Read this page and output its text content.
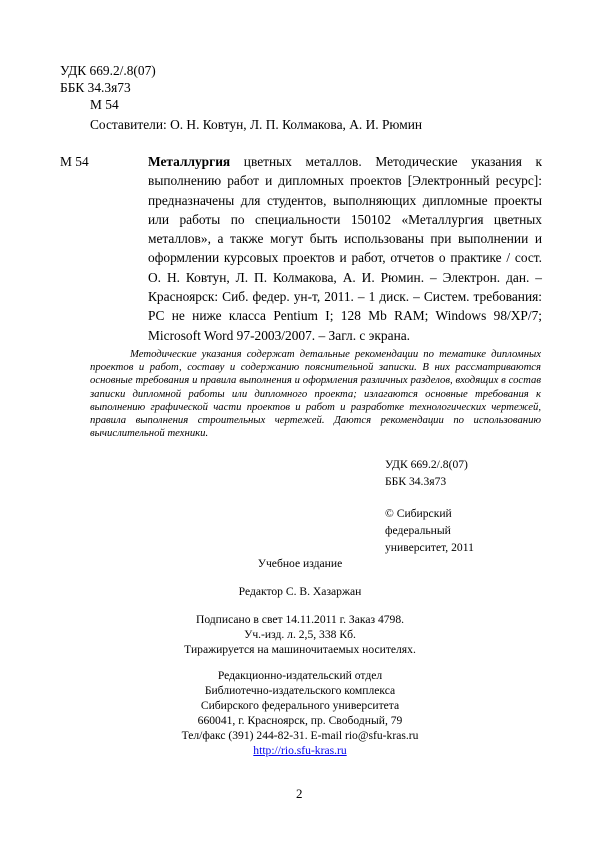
УДК 669.2/.8(07)
ББК 34.3я73
М 54
Составители: О. Н. Ковтун, Л. П. Колмакова, А. И. Рюмин
М 54	Металлургия цветных металлов. Методические указания к выполнению работ и дипломных проектов [Электронный ресурс]: предназначены для студентов, выполняющих дипломные проекты или работы по специальности 150102 «Металлургия цветных металлов», а также могут быть использованы при выполнении и оформлении курсовых проектов и работ, отчетов о практике / сост. О. Н. Ковтун, Л. П. Колмакова, А. И. Рюмин. – Электрон. дан. – Красноярск: Сиб. федер. ун-т, 2011. – 1 диск. – Систем. требования: PC не ниже класса Pentium I; 128 Mb RAM; Windows 98/XP/7; Microsoft Word 97-2003/2007. – Загл. с экрана.
Методические указания содержат детальные рекомендации по тематике дипломных проектов и работ, составу и содержанию пояснительной записки. В них рассматриваются основные требования и правила выполнения и оформления различных разделов, входящих в состав записки дипломной работы или дипломного проекта; излагаются основные требования к выполнению графической части проектов и работ и разработке технологических чертежей, правила выполнения строительных чертежей. Даются рекомендации по использованию вычислительной техники.
УДК 669.2/.8(07)
ББК 34.3я73
© Сибирский
федеральный
университет, 2011
Учебное издание
Редактор С. В. Хазаржан
Подписано в свет 14.11.2011 г. Заказ 4798.
Уч.-изд. л. 2,5, 338 Кб.
Тиражируется на машиночитаемых носителях.
Редакционно-издательский отдел
Библиотечно-издательского комплекса
Сибирского федерального университета
660041, г. Красноярск, пр. Свободный, 79
Тел/факс (391) 244-82-31. E-mail rio@sfu-kras.ru
http://rio.sfu-kras.ru
2
